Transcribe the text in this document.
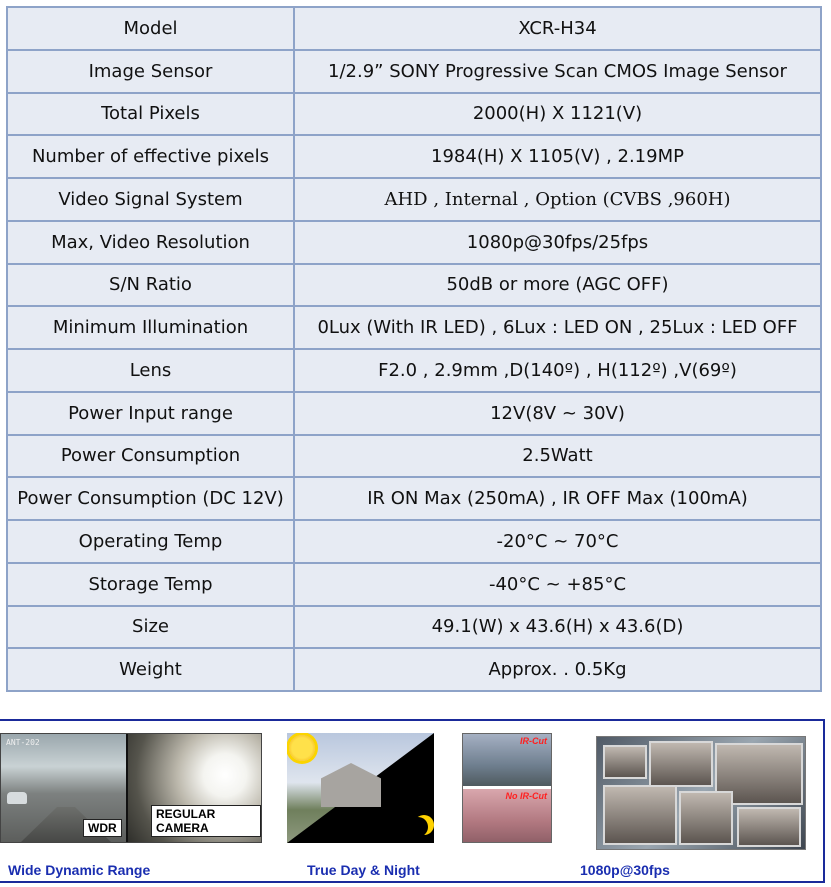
Model	XCR-H34
Image Sensor	1/2.9” SONY Progressive Scan CMOS Image Sensor
Total Pixels	2000(H) X 1121(V)
Number of effective pixels	1984(H) X 1105(V) , 2.19MP
Video Signal System	AHD , Internal , Option (CVBS ,960H)
Max, Video Resolution	1080p@30fps/25fps
S/N Ratio	50dB or more (AGC OFF)
Minimum Illumination	0Lux (With IR LED) , 6Lux : LED ON , 25Lux : LED OFF
Lens	F2.0 , 2.9mm ,D(140º) , H(112º) ,V(69º)
Power Input range	12V(8V ~ 30V)
Power Consumption	2.5Watt
Power Consumption (DC 12V)	IR ON Max (250mA) , IR OFF Max (100mA)
Operating Temp	-20°C ~ 70°C
Storage Temp	-40°C ~ +85°C
Size	49.1(W) x 43.6(H) x 43.6(D)
Weight	Approx. . 0.5Kg
ANT-202
WDR
REGULAR CAMERA
Wide Dynamic Range	True Day & Night
IR-Cut
No IR-Cut
1080p@30fps
